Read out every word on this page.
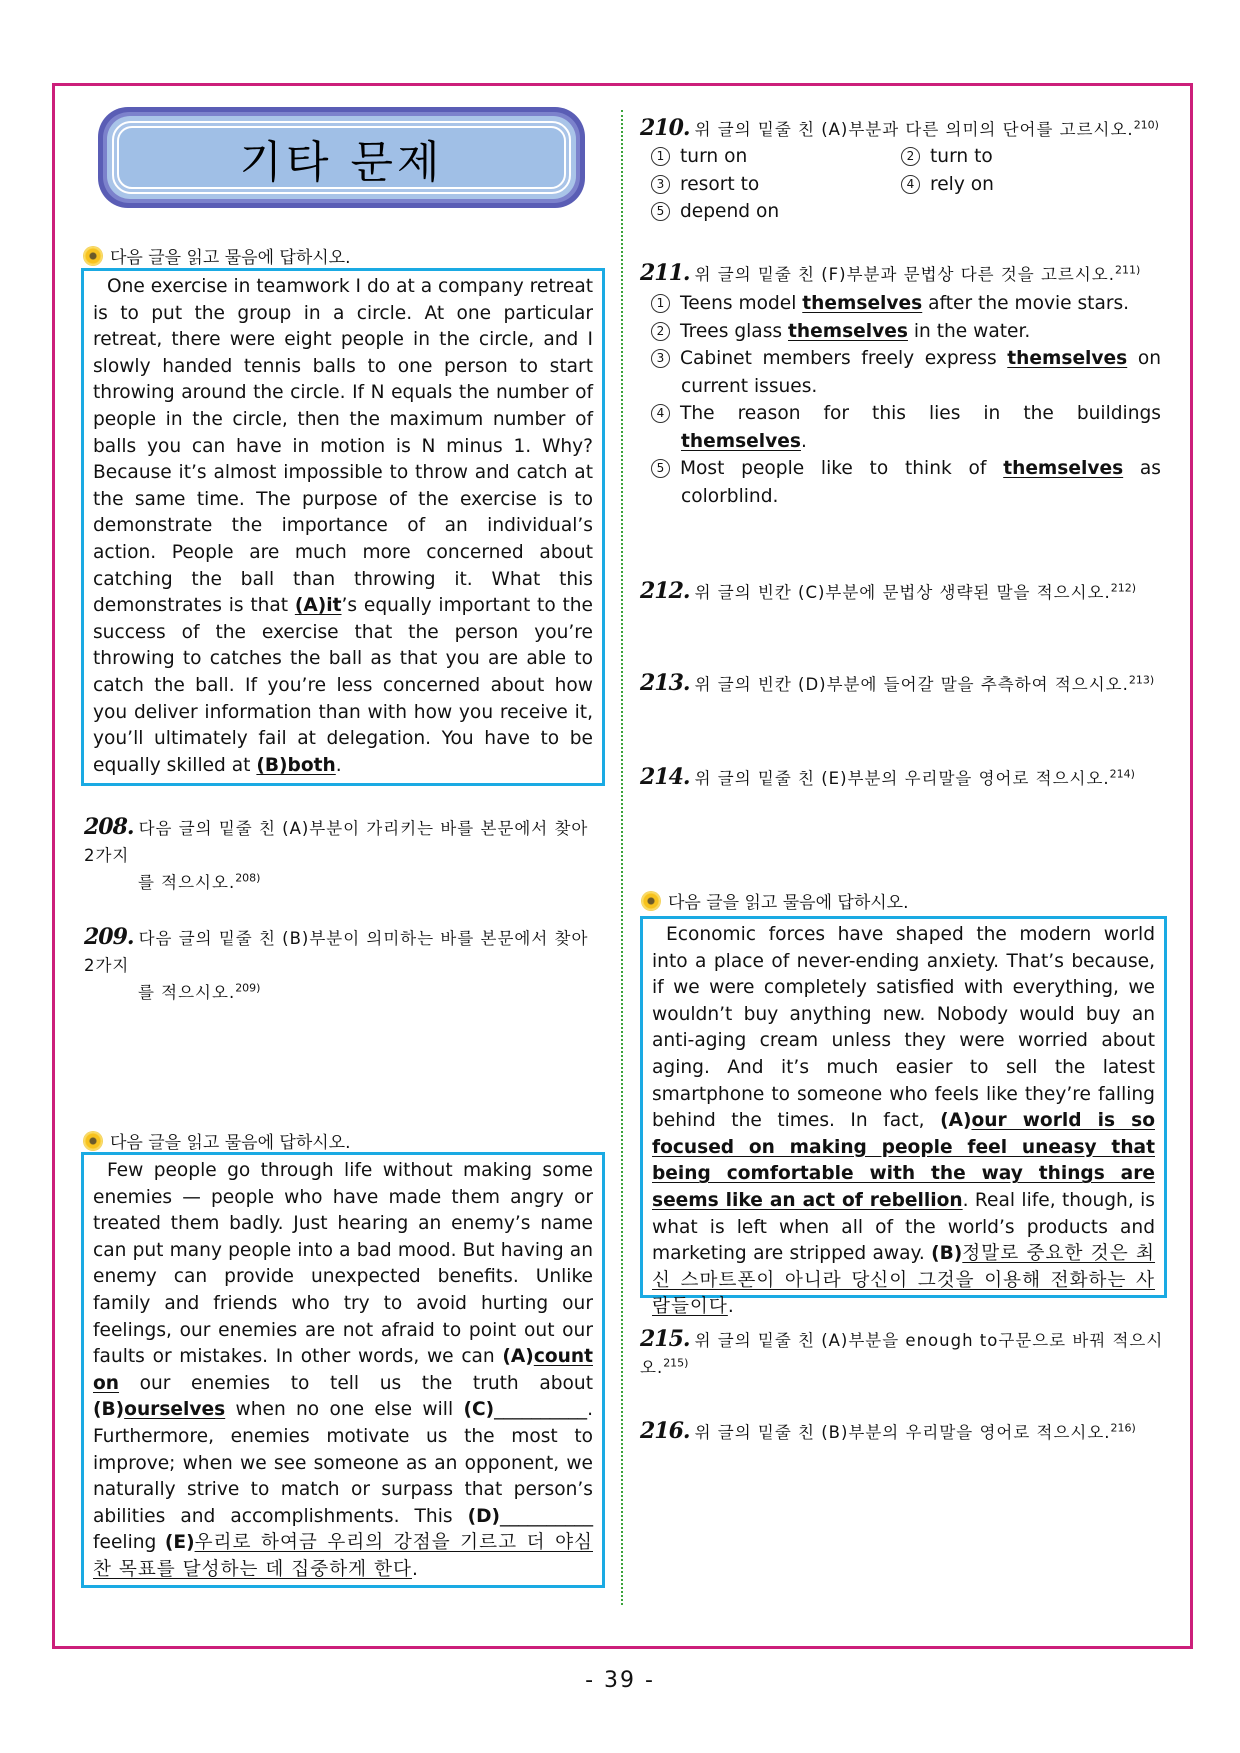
기타 문제
다음 글을 읽고 물음에 답하시오.

One exercise in teamwork I do at a company retreat is to put the group in a circle. At one particular retreat, there were eight people in the circle, and I slowly handed tennis balls to one person to start throwing around the circle. If N equals the number of people in the circle, then the maximum number of balls you can have in motion is N minus 1. Why? Because it’s almost impossible to throw and catch at the same time. The purpose of the exercise is to demonstrate the importance of an individual’s action. People are much more concerned about catching the ball than throwing it. What this demonstrates is that (A)it’s equally important to the success of the exercise that the person you’re throwing to catches the ball as that you are able to catch the ball. If you’re less concerned about how you deliver information than with how you receive it, you’ll ultimately fail at delegation. You have to be equally skilled at (B)both.

208. 다음 글의 밑줄 친 (A)부분이 가리키는 바를 본문에서 찾아 2가지
를 적으시오.$^{208)}$
209. 다음 글의 밑줄 친 (B)부분이 의미하는 바를 본문에서 찾아 2가지
를 적으시오.$^{209)}$
다음 글을 읽고 물음에 답하시오.

Few people go through life without making some enemies — people who have made them angry or treated them badly. Just hearing an enemy’s name can put many people into a bad mood. But having an enemy can provide unexpected benefits. Unlike family and friends who try to avoid hurting our feelings, our enemies are not afraid to point out our faults or mistakes. In other words, we can (A)count on our enemies to tell us the truth about (B)ourselves when no one else will (C)__________. Furthermore, enemies motivate us the most to improve; when we see someone as an opponent, we naturally strive to match or surpass that person’s abilities and accomplishments. This (D)__________ feeling (E)우리로 하여금 우리의 강점을 기르고 더 야심찬 목표를 달성하는 데 집중하게 한다.

210. 위 글의 밑줄 친 (A)부분과 다른 의미의 단어를 고르시오.$^{210)}$
1 turn on	2 turn to
3 resort to	4 rely on
5 depend on
211. 위 글의 밑줄 친 (F)부분과 문법상 다른 것을 고르시오.$^{211)}$
1 Teens model themselves after the movie stars.
2 Trees glass themselves in the water.
3 Cabinet members freely express themselves on current issues.
4 The reason for this lies in the buildings themselves.
5 Most people like to think of themselves as colorblind.
212. 위 글의 빈칸 (C)부분에 문법상 생략된 말을 적으시오.$^{212)}$
213. 위 글의 빈칸 (D)부분에 들어갈 말을 추측하여 적으시오.$^{213)}$
214. 위 글의 밑줄 친 (E)부분의 우리말을 영어로 적으시오.$^{214)}$
다음 글을 읽고 물음에 답하시오.

Economic forces have shaped the modern world into a place of never-ending anxiety. That’s because, if we were completely satisfied with everything, we wouldn’t buy anything new. Nobody would buy an anti-aging cream unless they were worried about aging. And it’s much easier to sell the latest smartphone to someone who feels like they’re falling behind the times. In fact, (A)our world is so focused on making people feel uneasy that being comfortable with the way things are seems like an act of rebellion. Real life, though, is what is left when all of the world’s products and marketing are stripped away. (B)정말로 중요한 것은 최신 스마트폰이 아니라 당신이 그것을 이용해 전화하는 사람들이다.

215. 위 글의 밑줄 친 (A)부분을 enough to구문으로 바꿔 적으시오.$^{215)}$
216. 위 글의 밑줄 친 (B)부분의 우리말을 영어로 적으시오.$^{216)}$
- 39 -
